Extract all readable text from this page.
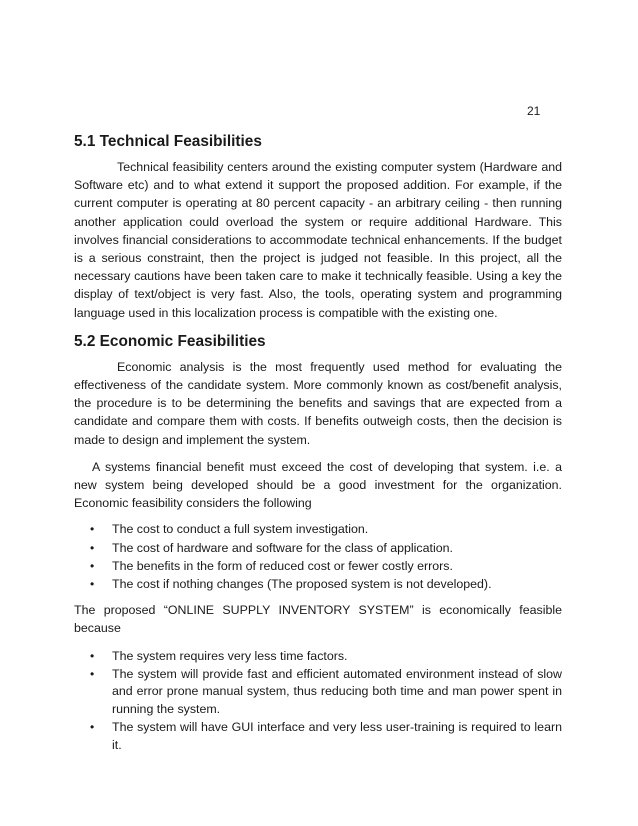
21
5.1 Technical Feasibilities

Technical feasibility centers around the existing computer system (Hardware and Software etc) and to what extend it support the proposed addition. For example, if the current computer is operating at 80 percent capacity - an arbitrary ceiling - then running another application could overload the system or require additional Hardware. This involves financial considerations to accommodate technical enhancements. If the budget is a serious constraint, then the project is judged not feasible. In this project, all the necessary cautions have been taken care to make it technically feasible. Using a key the display of text/object is very fast. Also, the tools, operating system and programming language used in this localization process is compatible with the existing one.

5.2 Economic Feasibilities

Economic analysis is the most frequently used method for evaluating the effectiveness of the candidate system. More commonly known as cost/benefit analysis, the procedure is to be determining the benefits and savings that are expected from a candidate and compare them with costs. If benefits outweigh costs, then the decision is made to design and implement the system.

A systems financial benefit must exceed the cost of developing that system. i.e. a new system being developed should be a good investment for the organization. Economic feasibility considers the following

• The cost to conduct a full system investigation.
• The cost of hardware and software for the class of application.
• The benefits in the form of reduced cost or fewer costly errors.
• The cost if nothing changes (The proposed system is not developed).

The proposed “ONLINE SUPPLY INVENTORY SYSTEM” is economically feasible because

• The system requires very less time factors.
• The system will provide fast and efficient automated environment instead of slow and error prone manual system, thus reducing both time and man power spent in running the system.
• The system will have GUI interface and very less user-training is required to learn it.
